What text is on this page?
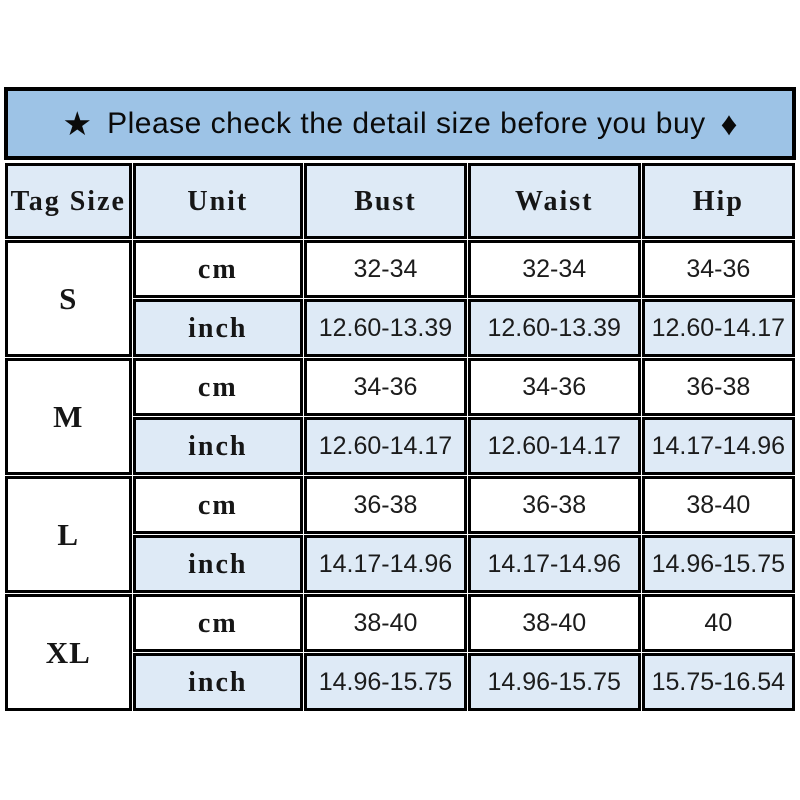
★ Please check the detail size before you buy ♦
Tag Size	Unit	Bust	Waist	Hip
S	cm	32-34	32-34	34-36
	inch	12.60-13.39	12.60-13.39	12.60-14.17
M	cm	34-36	34-36	36-38
	inch	12.60-14.17	12.60-14.17	14.17-14.96
L	cm	36-38	36-38	38-40
	inch	14.17-14.96	14.17-14.96	14.96-15.75
XL	cm	38-40	38-40	40
	inch	14.96-15.75	14.96-15.75	15.75-16.54
